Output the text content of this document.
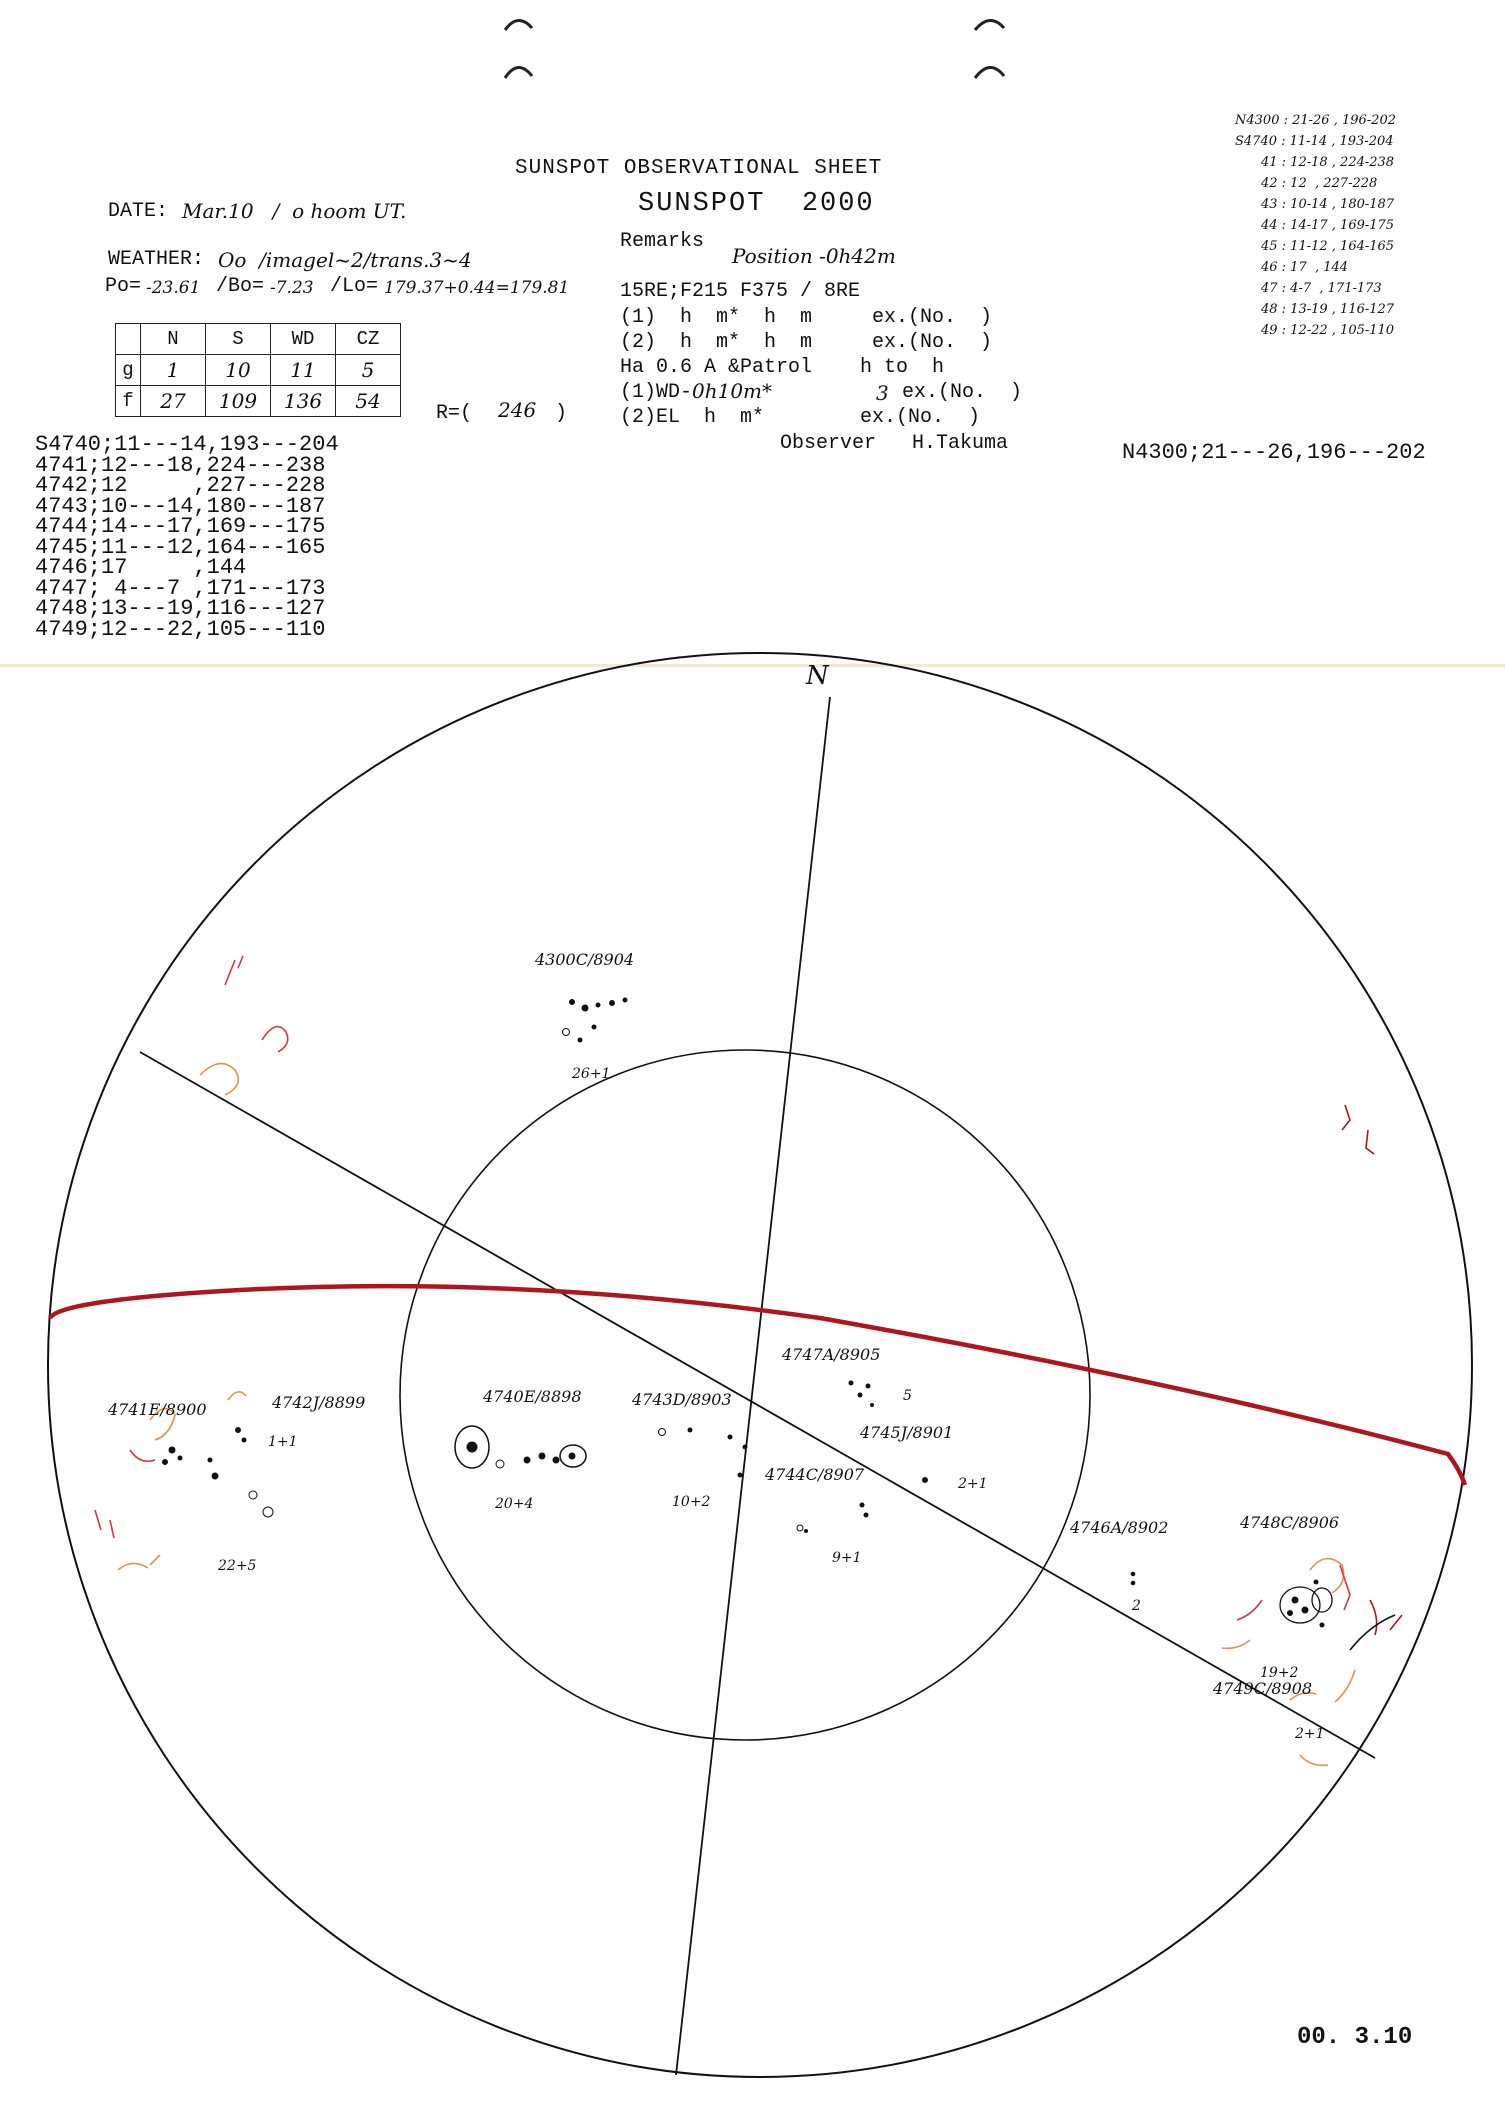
SUNSPOT OBSERVATIONAL SHEET
SUNSPOT  2000
DATE: Mar.10   /  o hoom UT.
WEATHER: Oo  /imagel~2/trans.3~4
Po= -23.61 /Bo= -7.23 /Lo= 179.37+0.44=179.81
	N	S	WD	CZ
g	1	10	11	5
f	27	109	136	54
R=( 246 )
Remarks
Position -0h42m
15RE;F215 F375 / 8RE
(1)  h  m*  h  m     ex.(No.  )
(2)  h  m*  h  m     ex.(No.  )
Ha 0.6 A &Patrol    h to  h
(1)WD- 0h10m*	3 ex.(No.  )
(2)EL  h  m*        ex.(No.  )
Observer   H.Takuma
S4740;11---14,193---204
4741;12---18,224---238
4742;12     ,227---228
4743;10---14,180---187
4744;14---17,169---175
4745;11---12,164---165
4746;17     ,144
4747; 4---7 ,171---173
4748;13---19,116---127
4749;12---22,105---110
N4300;21---26,196---202
N4300 : 21-26 , 196-202
S4740 : 11-14 , 193-204
41 : 12-18 , 224-238
42 : 12  , 227-228
43 : 10-14 , 180-187
44 : 14-17 , 169-175
45 : 11-12 , 164-165
46 : 17  , 144
47 : 4-7  , 171-173
48 : 13-19 , 116-127
49 : 12-22 , 105-110
N
4300C/8904
26+1
4741E/8900
22+5
4742J/8899
1+1
4740E/8898
20+4
4743D/8903
10+2
4747A/8905
5
4745J/8901
2+1
4744C/8907
9+1
4746A/8902
2
4748C/8906
19+2
4749C/8908
2+1
00. 3.10
